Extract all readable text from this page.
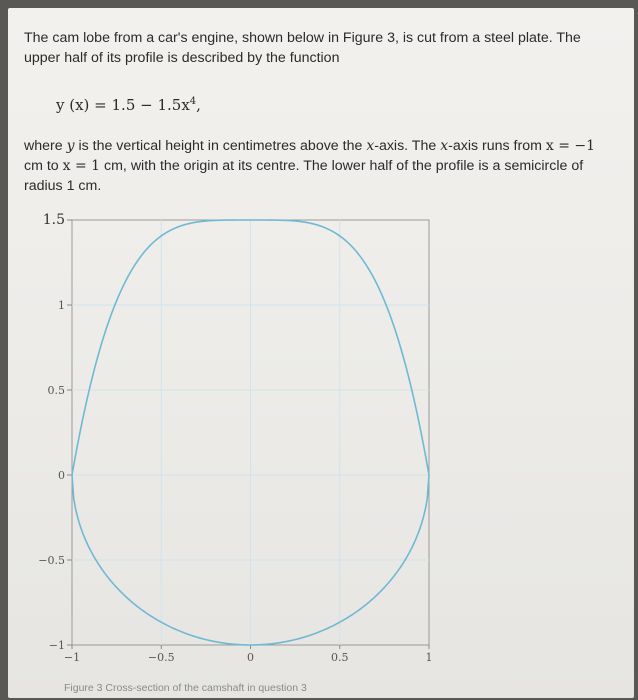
The cam lobe from a car's engine, shown below in Figure 3, is cut from a steel plate. The
upper half of its profile is described by the function

y $(x) = 1.5 - 1.5x^4$,

where y is the vertical height in centimetres above the x-axis. The x-axis runs from x = −1
cm to x = 1 cm, with the origin at its centre. The lower half of the profile is a semicircle of
radius 1 cm.

−1
−0.5
0
0.5
1
1.5
−1	−0.5	0	0.5	1
Figure 3 Cross-section of the camshaft in question 3
